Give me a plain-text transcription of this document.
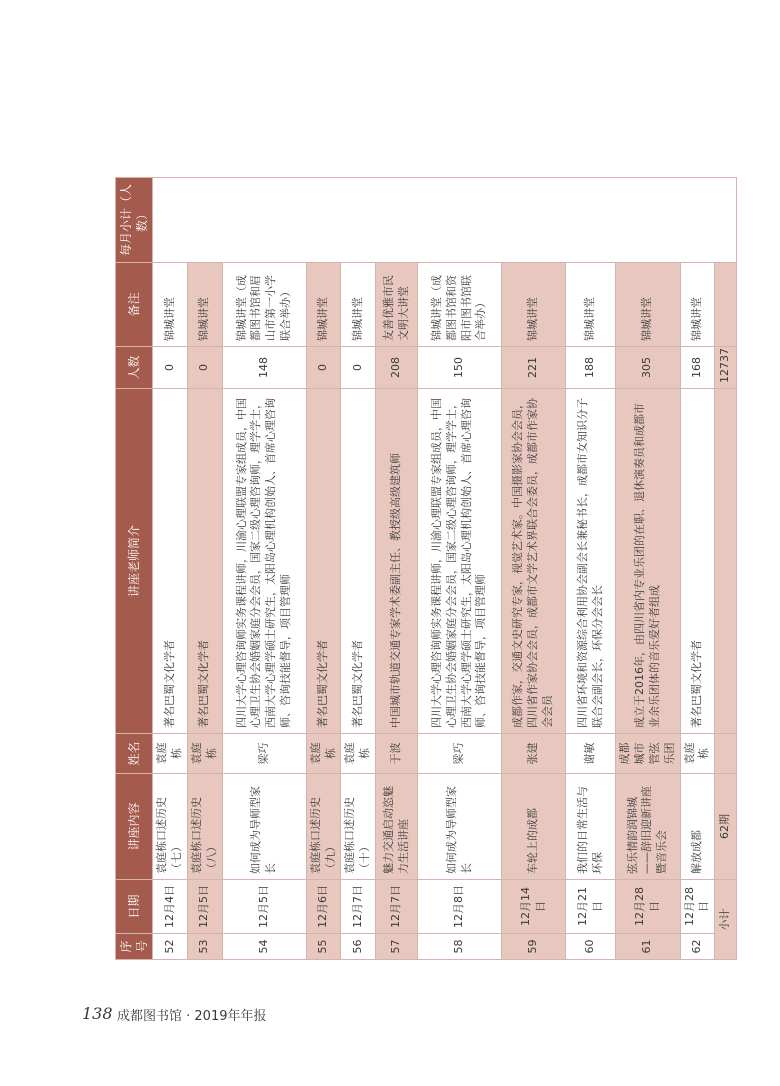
序号	日期	讲座内容	姓名	讲座老师简介	人数	备注	每月小计（人数）
52	12月4日	袁庭栋口述历史（七）	袁庭栋	著名巴蜀文化学者	0	锦城讲堂	
53	12月5日	袁庭栋口述历史（八）	袁庭栋	著名巴蜀文化学者	0	锦城讲堂	
54	12月5日	如何成为导师型家长	梁巧	四川大学心理咨询师实务课程讲师，川渝心理联盟专家组成员，中国心理卫生协会婚姻家庭分会会员，国家二级心理咨询师，理学学士，西南大学心理学硕士研究生，太阳岛心理机构创始人、首席心理咨询师、咨询技能督导，项目管理师	148	锦城讲堂（成都图书馆和眉山市第一小学联合举办）	
55	12月6日	袁庭栋口述历史（九）	袁庭栋	著名巴蜀文化学者	0	锦城讲堂	
56	12月7日	袁庭栋口述历史（十）	袁庭栋	著名巴蜀文化学者	0	锦城讲堂	
57	12月7日	魅力交通启动恣魅力生活讲座	于波	中国城市轨道交通专家学术委副主任、教授级高级建筑师	208	友善优雅市民文明大讲堂	
58	12月8日	如何成为导师型家长	梁巧	四川大学心理咨询师实务课程讲师，川渝心理联盟专家组成员，中国心理卫生协会婚姻家庭分会会员，国家二级心理咨询师，理学学士，西南大学心理学硕士研究生，太阳岛心理机构创始人、首席心理咨询师、咨询技能督导，项目管理师	150	锦城讲堂（成都图书馆和资阳市图书馆联合举办）	
59	12月14日	车轮上的成都	张建	成都作家，交通文史研究专家，视觉艺术家。中国摄影家协会会员，四川省作家协会会员，成都市文学艺术界联合会委员，成都市作家协会会员	221	锦城讲堂	
60	12月21日	我们的日常生活与环保	谢敏	四川省环境和资源综合利用协会副会长兼秘书长，成都市女知识分子联合会副会长，环保分会会长	188	锦城讲堂	
61	12月28日	弦乐情韵润锦城——辞旧迎新讲座暨音乐会	成都城市管弦乐团	成立于2016年，由四川省内专业乐团的在职、退休演奏员和成都市业余乐团体的音乐爱好者组成	305	锦城讲堂	
62	12月28日	解放成都	袁庭栋	著名巴蜀文化学者	168	锦城讲堂	
小计		62期			12737		
138 成都图书馆 · 2019年年报
